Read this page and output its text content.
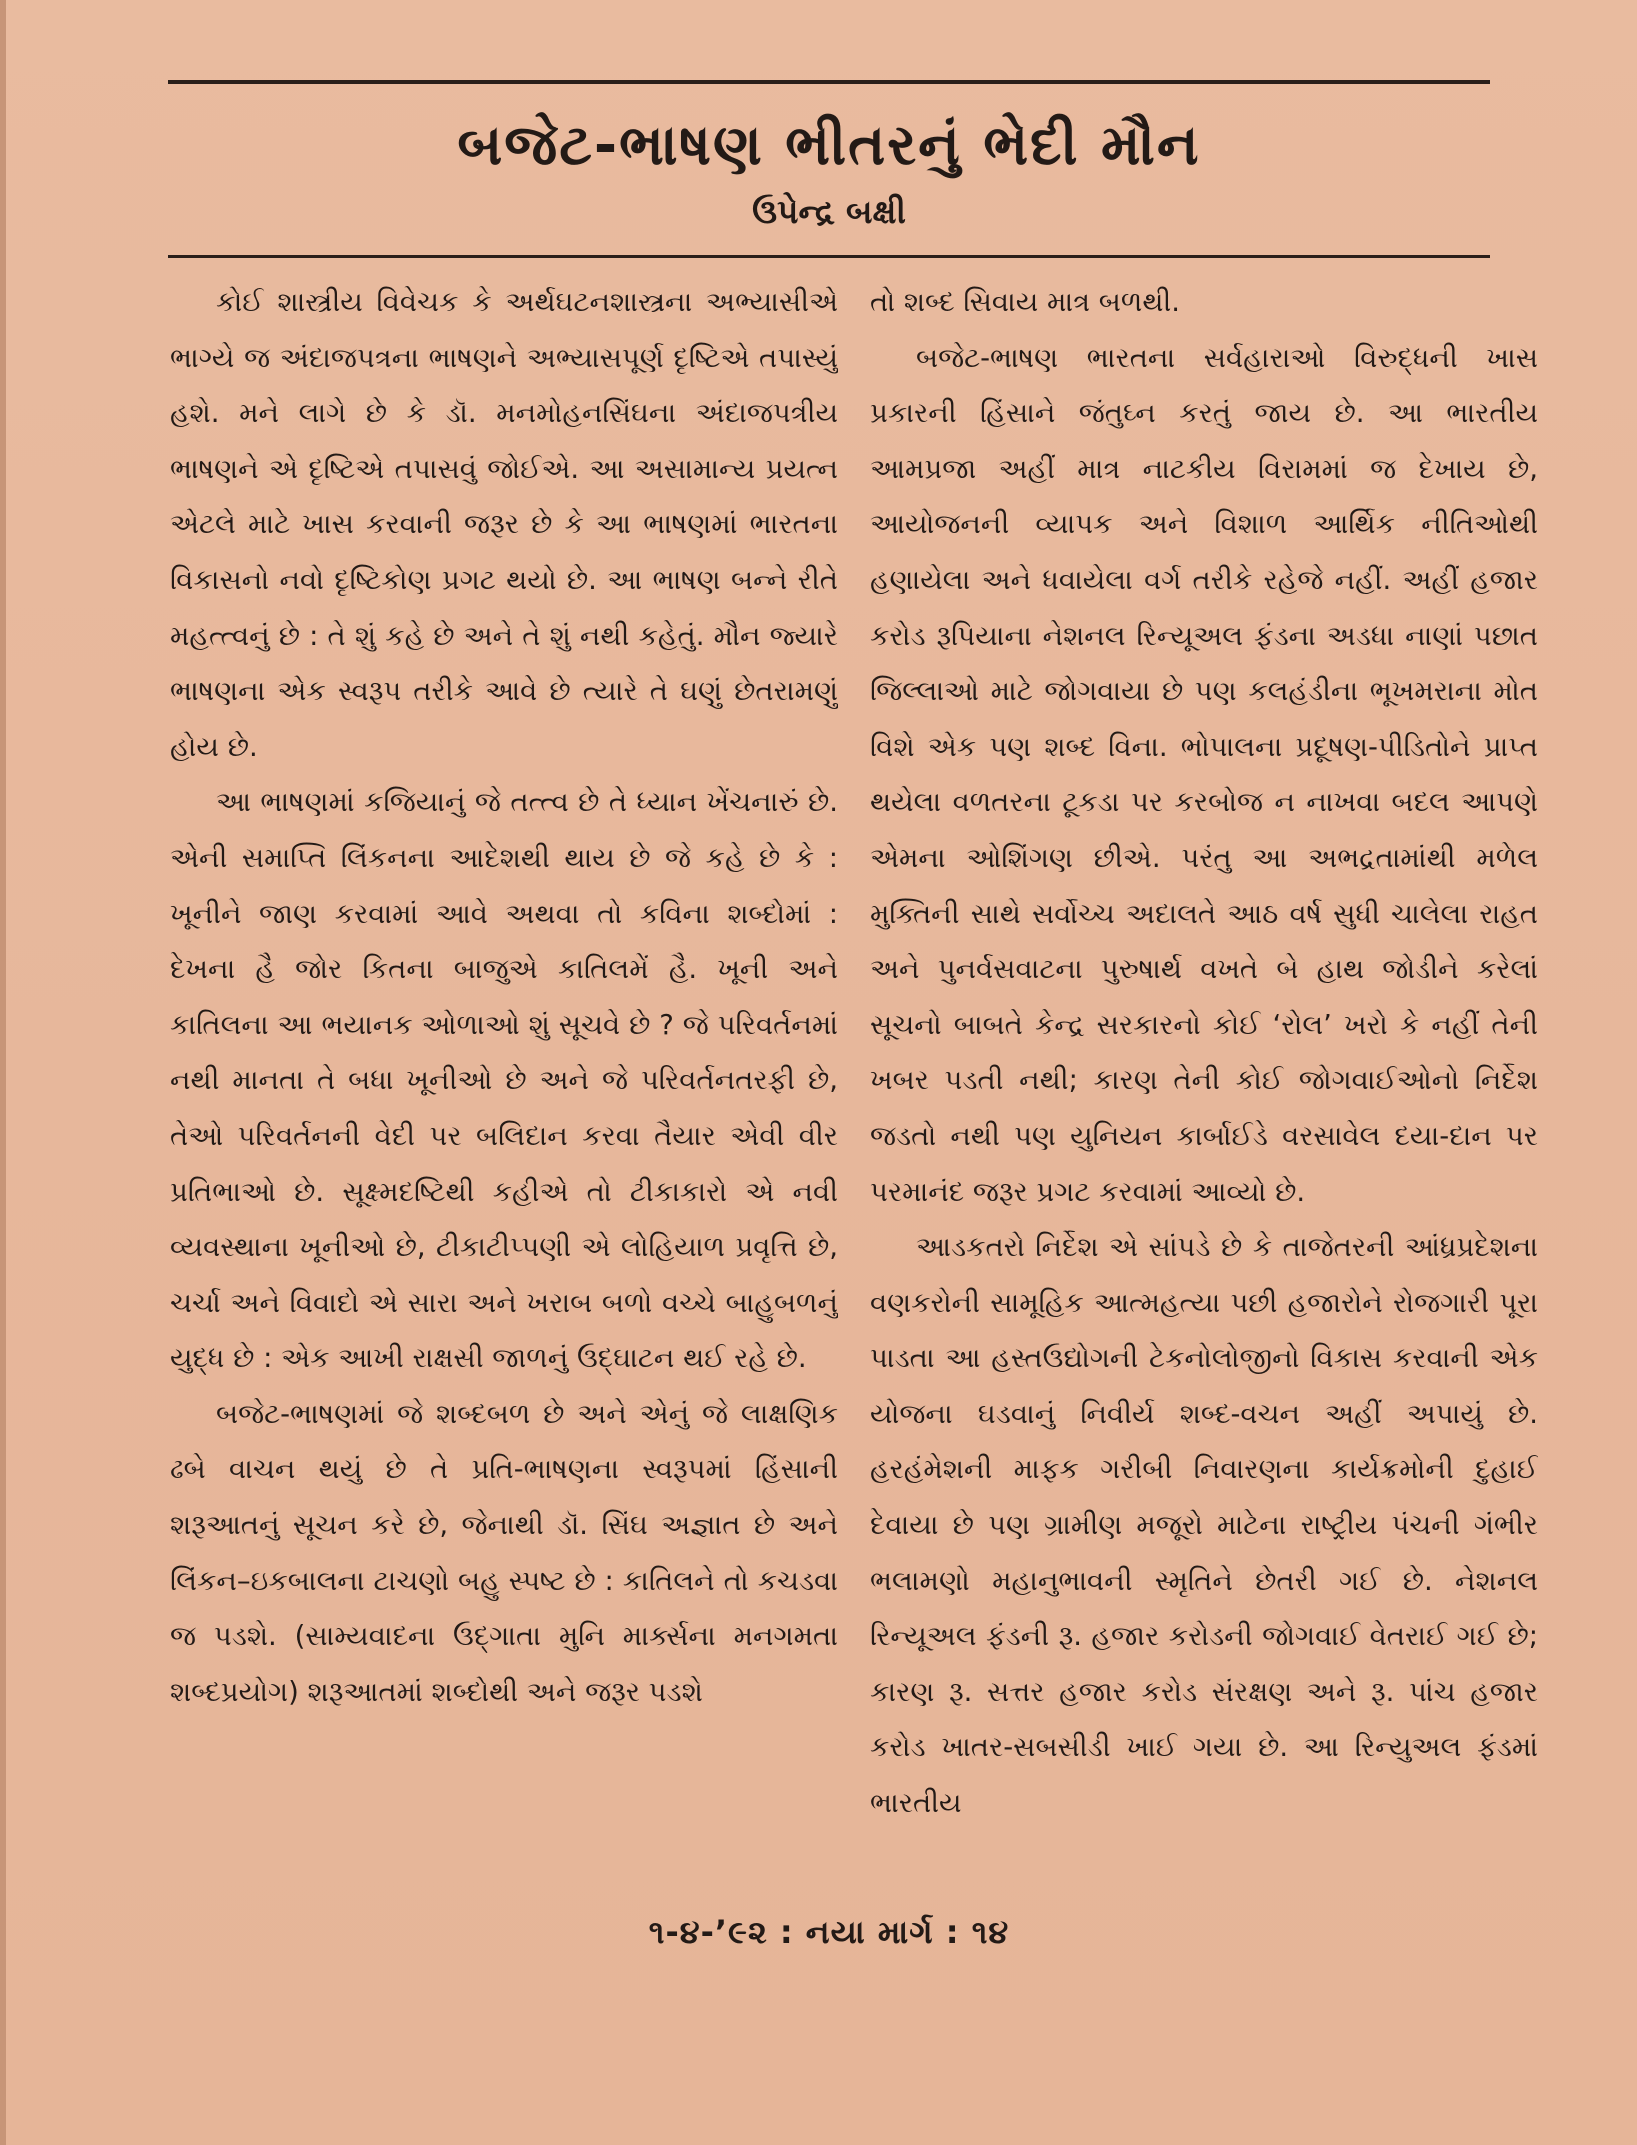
બજેટ-ભાષણ ભીતરનું ભેદી મૌન
ઉપેન્દ્ર બક્ષી

કોઈ શાસ્ત્રીય વિવેચક કે અર્થઘટનશાસ્ત્રના અભ્યાસીએ ભાગ્યે જ અંદાજપત્રના ભાષણને અભ્યાસપૂર્ણ દૃષ્ટિએ તપાસ્યું હશે. મને લાગે છે કે ડૉ. મનમોહનસિંઘના અંદાજપત્રીય ભાષણને એ દૃષ્ટિએ તપાસવું જોઈએ. આ અસામાન્ય પ્રયત્ન એટલે માટે ખાસ કરવાની જરૂર છે કે આ ભાષણમાં ભારતના વિકાસનો નવો દૃષ્ટિકોણ પ્રગટ થયો છે. આ ભાષણ બન્ને રીતે મહત્ત્વનું છે : તે શું કહે છે અને તે શું નથી કહેતું. મૌન જ્યારે ભાષણના એક સ્વરૂપ તરીકે આવે છે ત્યારે તે ઘણું છેતરામણું હોય છે.

આ ભાષણમાં કજિયાનું જે તત્ત્વ છે તે ધ્યાન ખેંચનારું છે. એની સમાપ્તિ લિંકનના આદેશથી થાય છે જે કહે છે કે : ખૂનીને જાણ કરવામાં આવે અથવા તો કવિના શબ્દોમાં : દેખના હૈ જોર કિતના બાજુએ કાતિલમેં હૈ. ખૂની અને કાતિલના આ ભયાનક ઓળાઓ શું સૂચવે છે ? જે પરિવર્તનમાં નથી માનતા તે બધા ખૂનીઓ છે અને જે પરિવર્તનતરફી છે, તેઓ પરિવર્તનની વેદી પર બલિદાન કરવા તૈયાર એવી વીર પ્રતિભાઓ છે. સૂક્ષ્મદષ્ટિથી કહીએ તો ટીકાકારો એ નવી વ્યવસ્થાના ખૂનીઓ છે, ટીકાટીપ્પણી એ લોહિયાળ પ્રવૃત્તિ છે, ચર્ચા અને વિવાદો એ સારા અને ખરાબ બળો વચ્ચે બાહુબળનું યુદ્ધ છે : એક આખી રાક્ષસી જાળનું ઉદ્‌ઘાટન થઈ રહે છે.

બજેટ-ભાષણમાં જે શબ્દબળ છે અને એનું જે લાક્ષણિક ઢબે વાચન થયું છે તે પ્રતિ-ભાષણના સ્વરૂપમાં હિંસાની શરૂઆતનું સૂચન કરે છે, જેનાથી ડૉ. સિંઘ અજ્ઞાત છે અને લિંકન–ઇકબાલના ટાચણો બહુ સ્પષ્ટ છે : કાતિલને તો કચડવા જ પડશે. (સામ્યવાદના ઉદ્‌ગાતા મુનિ માર્ક્સના મનગમતા શબ્દપ્રયોગ) શરૂઆતમાં શબ્દોથી અને જરૂર પડશે

તો શબ્દ સિવાય માત્ર બળથી.

બજેટ-ભાષણ ભારતના સર્વહારાઓ વિરુદ્ધની ખાસ પ્રકારની હિંસાને જંતુઘ્ન કરતું જાય છે. આ ભારતીય આમપ્રજા અહીં માત્ર નાટકીય વિરામમાં જ દેખાય છે, આયોજનની વ્યાપક અને વિશાળ આર્થિક નીતિઓથી હણાયેલા અને ધવાયેલા વર્ગ તરીકે રહેજે નહીં. અહીં હજાર કરોડ રૂપિયાના નેશનલ રિન્યૂઅલ ફંડના અડધા નાણાં પછાત જિલ્લાઓ માટે જોગવાયા છે પણ કલહંડીના ભૂખમરાના મોત વિશે એક પણ શબ્દ વિના. ભોપાલના પ્રદૂષણ-પીડિતોને પ્રાપ્ત થયેલા વળતરના ટૂકડા પર કરબોજ ન નાખવા બદલ આપણે એમના ઓશિંગણ છીએ. પરંતુ આ અભદ્રતામાંથી મળેલ મુક્તિની સાથે સર્વોચ્ચ અદાલતે આઠ વર્ષ સુધી ચાલેલા રાહત અને પુનર્વસવાટના પુરુષાર્થ વખતે બે હાથ જોડીને કરેલાં સૂચનો બાબતે કેન્દ્ર સરકારનો કોઈ ‘રોલ’ ખરો કે નહીં તેની ખબર પડતી નથી; કારણ તેની કોઈ જોગવાઈઓનો નિર્દેશ જડતો નથી પણ યુનિયન કાર્બાઈડે વરસાવેલ દયા-દાન પર પરમાનંદ જરૂર પ્રગટ કરવામાં આવ્યો છે.

આડકતરો નિર્દેશ એ સાંપડે છે કે તાજેતરની આંધ્રપ્રદેશના વણકરોની સામૂહિક આત્મહત્યા પછી હજારોને રોજગારી પૂરા પાડતા આ હસ્તઉદ્યોગની ટેકનોલોજીનો વિકાસ કરવાની એક યોજના ઘડવાનું નિવીર્ય શબ્દ-વચન અહીં અપાયું છે. હરહંમેશની માફક ગરીબી નિવારણના કાર્યક્રમોની દુહાઈ દેવાયા છે પણ ગ્રામીણ મજૂરો માટેના રાષ્ટ્રીય પંચની ગંભીર ભલામણો મહાનુભાવની સ્મૃતિને છેતરી ગઈ છે. નેશનલ રિન્યૂઅલ ફંડની રૂ. હજાર કરોડની જોગવાઈ વેતરાઈ ગઈ છે; કારણ રૂ. સત્તર હજાર કરોડ સંરક્ષણ અને રૂ. પાંચ હજાર કરોડ ખાતર-સબસીડી ખાઈ ગયા છે. આ રિન્યુઅલ ફંડમાં ભારતીય

૧-૪-’૯૨ : નયા માર્ગ : ૧૪
